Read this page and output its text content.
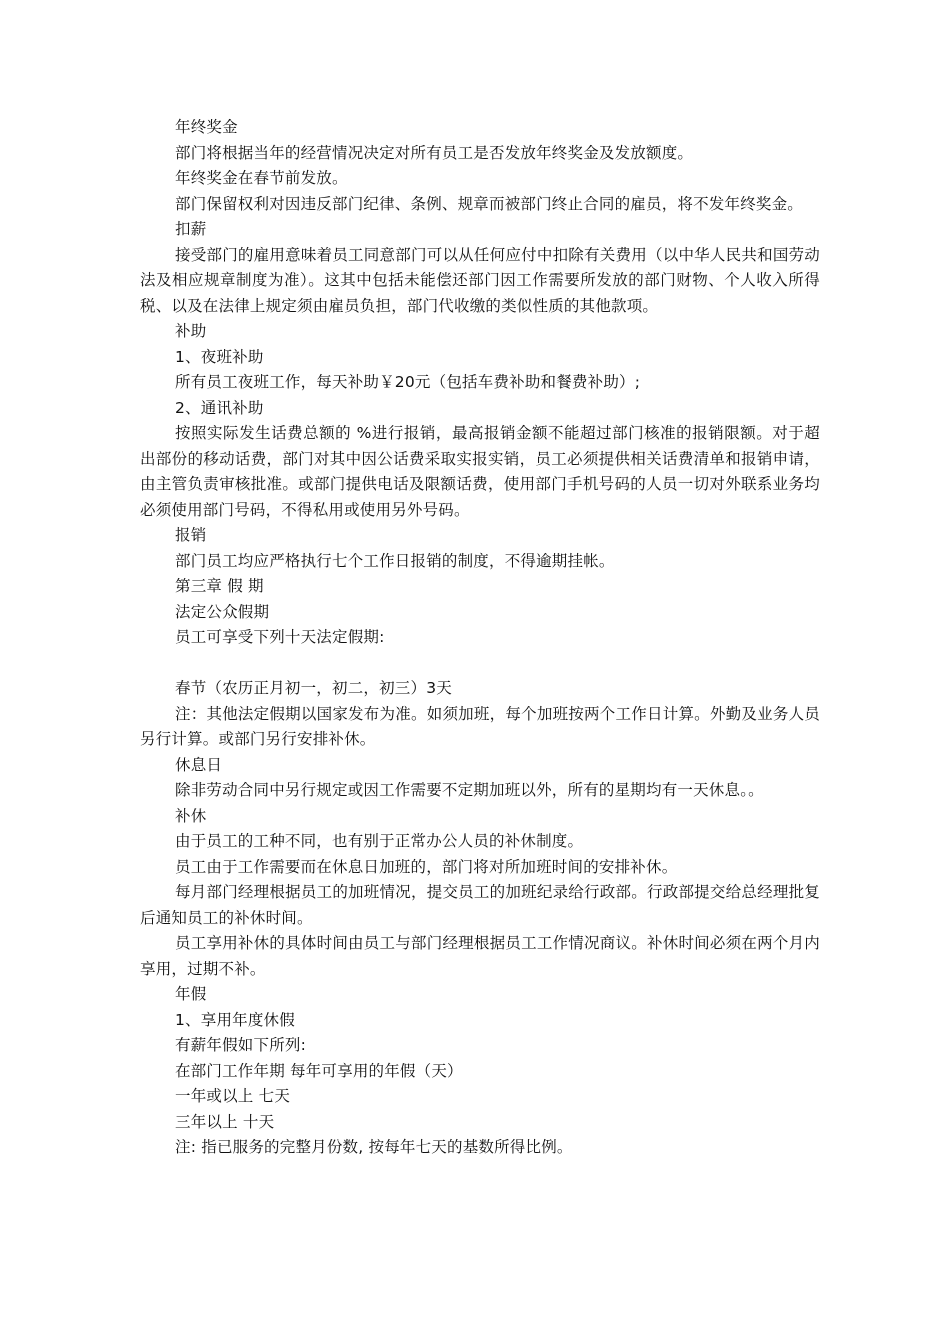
年终奖金

部门将根据当年的经营情况决定对所有员工是否发放年终奖金及发放额度。

年终奖金在春节前发放。

部门保留权利对因违反部门纪律、条例、规章而被部门终止合同的雇员，将不发年终奖金。

扣薪

接受部门的雇用意味着员工同意部门可以从任何应付中扣除有关费用（以中华人民共和国劳动法及相应规章制度为准）。这其中包括未能偿还部门因工作需要所发放的部门财物、个人收入所得税、以及在法律上规定须由雇员负担，部门代收缴的类似性质的其他款项。

补助

1、夜班补助

所有员工夜班工作，每天补助￥20元（包括车费补助和餐费补助）;

2、通讯补助

按照实际发生话费总额的 %进行报销，最高报销金额不能超过部门核准的报销限额。对于超出部份的移动话费，部门对其中因公话费采取实报实销，员工必须提供相关话费清单和报销申请，由主管负责审核批准。或部门提供电话及限额话费，使用部门手机号码的人员一切对外联系业务均必须使用部门号码，不得私用或使用另外号码。

报销

部门员工均应严格执行七个工作日报销的制度，不得逾期挂帐。

第三章 假 期

法定公众假期

员工可享受下列十天法定假期:

春节（农历正月初一，初二，初三）3天

注：其他法定假期以国家发布为准。如须加班，每个加班按两个工作日计算。外勤及业务人员另行计算。或部门另行安排补休。

休息日

除非劳动合同中另行规定或因工作需要不定期加班以外，所有的星期均有一天休息。。

补休

由于员工的工种不同，也有别于正常办公人员的补休制度。

员工由于工作需要而在休息日加班的，部门将对所加班时间的安排补休。

每月部门经理根据员工的加班情况，提交员工的加班纪录给行政部。行政部提交给总经理批复后通知员工的补休时间。

员工享用补休的具体时间由员工与部门经理根据员工工作情况商议。补休时间必须在两个月内享用，过期不补。

年假

1、享用年度休假

有薪年假如下所列:

在部门工作年期 每年可享用的年假（天）

一年或以上 七天

三年以上 十天

注: 指已服务的完整月份数, 按每年七天的基数所得比例。
